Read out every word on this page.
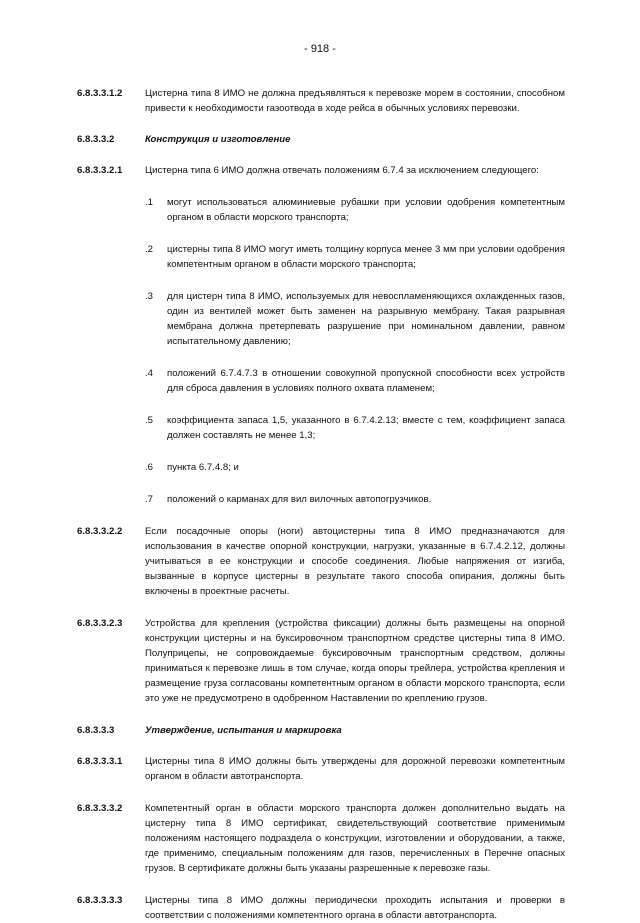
- 918 -
6.8.3.3.1.2 Цистерна типа 8 ИМО не должна предъявляться к перевозке морем в состоянии, способном привести к необходимости газоотвода в ходе рейса в обычных условиях перевозки.
6.8.3.3.2	Конструкция и изготовление
6.8.3.3.2.1 Цистерна типа 6 ИМО должна отвечать положениям 6.7.4 за исключением следующего:
.1 могут использоваться алюминиевые рубашки при условии одобрения компетентным органом в области морского транспорта;
.2 цистерны типа 8 ИМО могут иметь толщину корпуса менее 3 мм при условии одобрения компетентным органом в области морского транспорта;
.3 для цистерн типа 8 ИМО, используемых для невоспламеняющихся охлажденных газов, один из вентилей может быть заменен на разрывную мембрану. Такая разрывная мембрана должна претерпевать разрушение при номинальном давлении, равном испытательному давлению;
.4 положений 6.7.4.7.3 в отношении совокупной пропускной способности всех устройств для сброса давления в условиях полного охвата пламенем;
.5 коэффициента запаса 1,5, указанного в 6.7.4.2.13; вместе с тем, коэффициент запаса должен составлять не менее 1,3;
.6 пункта 6.7.4.8; и
.7 положений о карманах для вил вилочных автопогрузчиков.
6.8.3.3.2.2 Если посадочные опоры (ноги) автоцистерны типа 8 ИМО предназначаются для использования в качестве опорной конструкции, нагрузки, указанные в 6.7.4.2.12, должны учитываться в ее конструкции и способе соединения. Любые напряжения от изгиба, вызванные в корпусе цистерны в результате такого способа опирания, должны быть включены в проектные расчеты.
6.8.3.3.2.3 Устройства для крепления (устройства фиксации) должны быть размещены на опорной конструкции цистерны и на буксировочном транспортном средстве цистерны типа 8 ИМО. Полуприцепы, не сопровождаемые буксировочным транспортным средством, должны приниматься к перевозке лишь в том случае, когда опоры трейлера, устройства крепления и размещение груза согласованы компетентным органом в области морского транспорта, если это уже не предусмотрено в одобренном Наставлении по креплению грузов.
6.8.3.3.3	Утверждение, испытания и маркировка
6.8.3.3.3.1 Цистерны типа 8 ИМО должны быть утверждены для дорожной перевозки компетентным органом в области автотранспорта.
6.8.3.3.3.2 Компетентный орган в области морского транспорта должен дополнительно выдать на цистерну типа 8 ИМО сертификат, свидетельствующий соответствие применимым положениям настоящего подраздела о конструкции, изготовлении и оборудовании, а также, где применимо, специальным положениям для газов, перечисленных в Перечне опасных грузов. В сертификате должны быть указаны разрешенные к перевозке газы.
6.8.3.3.3.3 Цистерны типа 8 ИМО должны периодически проходить испытания и проверки в соответствии с положениями компетентного органа в области автотранспорта.
